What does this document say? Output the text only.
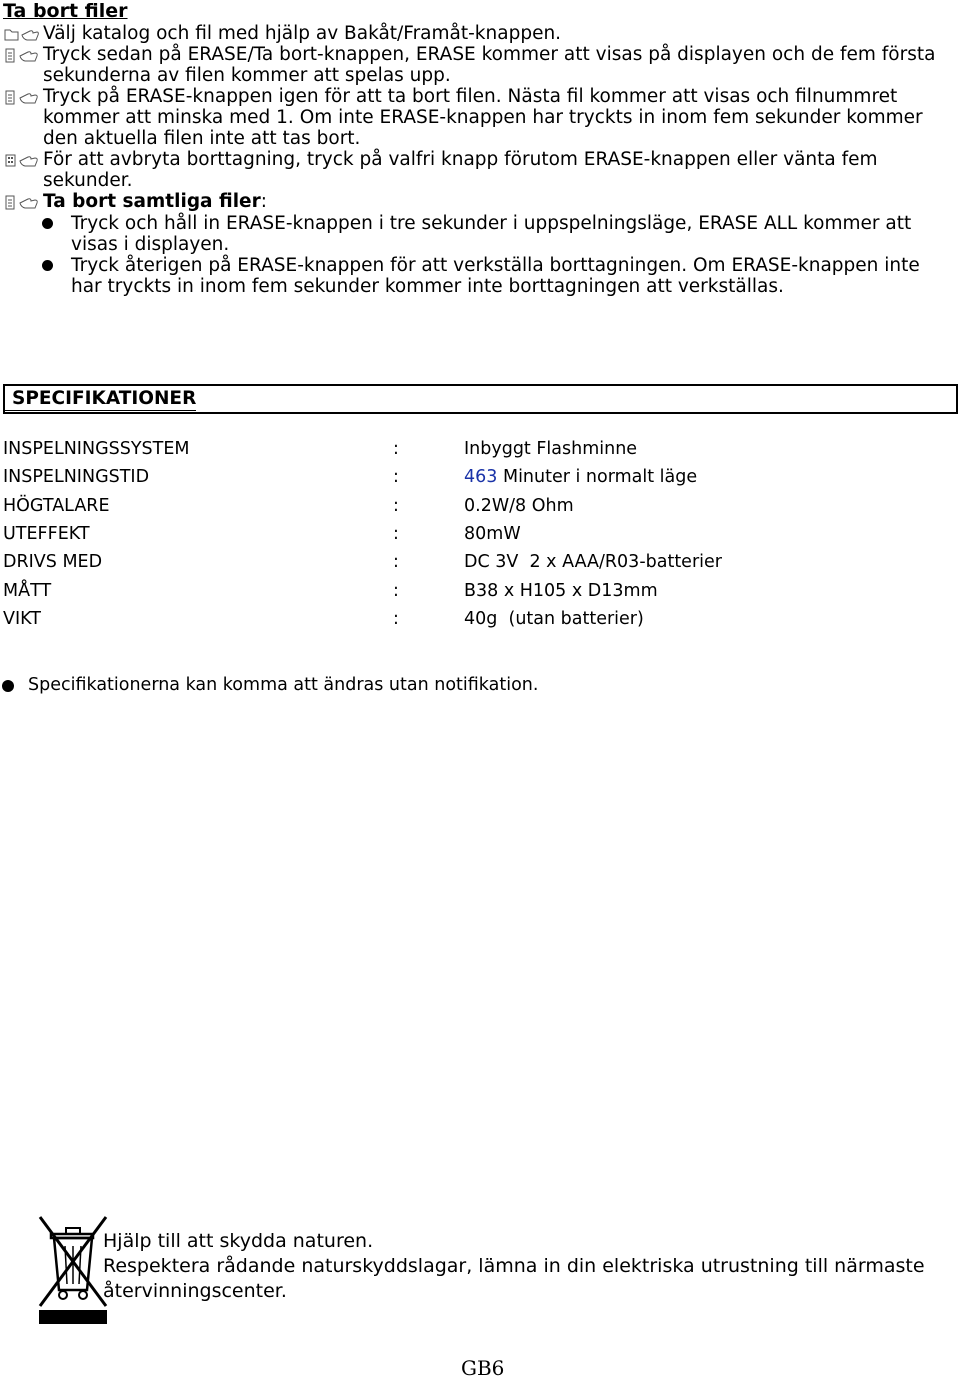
Ta bort filer
Välj katalog och fil med hjälp av Bakåt/Framåt-knappen.
Tryck sedan på ERASE/Ta bort-knappen, ERASE kommer att visas på displayen och de fem första sekunderna av filen kommer att spelas upp.
Tryck på ERASE-knappen igen för att ta bort filen. Nästa fil kommer att visas och filnummret kommer att minska med 1. Om inte ERASE-knappen har tryckts in inom fem sekunder kommer den aktuella filen inte att tas bort.
För att avbryta borttagning, tryck på valfri knapp förutom ERASE-knappen eller vänta fem sekunder.
Ta bort samtliga filer:
Tryck och håll in ERASE-knappen i tre sekunder i uppspelningsläge, ERASE ALL kommer att visas i displayen.
Tryck återigen på ERASE-knappen för att verkställa borttagningen. Om ERASE-knappen inte har tryckts in inom fem sekunder kommer inte borttagningen att verkställas.
SPECIFIKATIONER
INSPELNINGSSYSTEM	:	Inbyggt Flashminne
INSPELNINGSTID	:	463 Minuter i normalt läge
HÖGTALARE	:	0.2W/8 Ohm
UTEFFEKT	:	80mW
DRIVS MED	:	DC 3V  2 x AAA/R03-batterier
MÅTT	:	B38 x H105 x D13mm
VIKT	:	40g  (utan batterier)
Specifikationerna kan komma att ändras utan notifikation.
Hjälp till att skydda naturen.
Respektera rådande naturskyddslagar, lämna in din elektriska utrustning till närmaste återvinningscenter.
GB6
